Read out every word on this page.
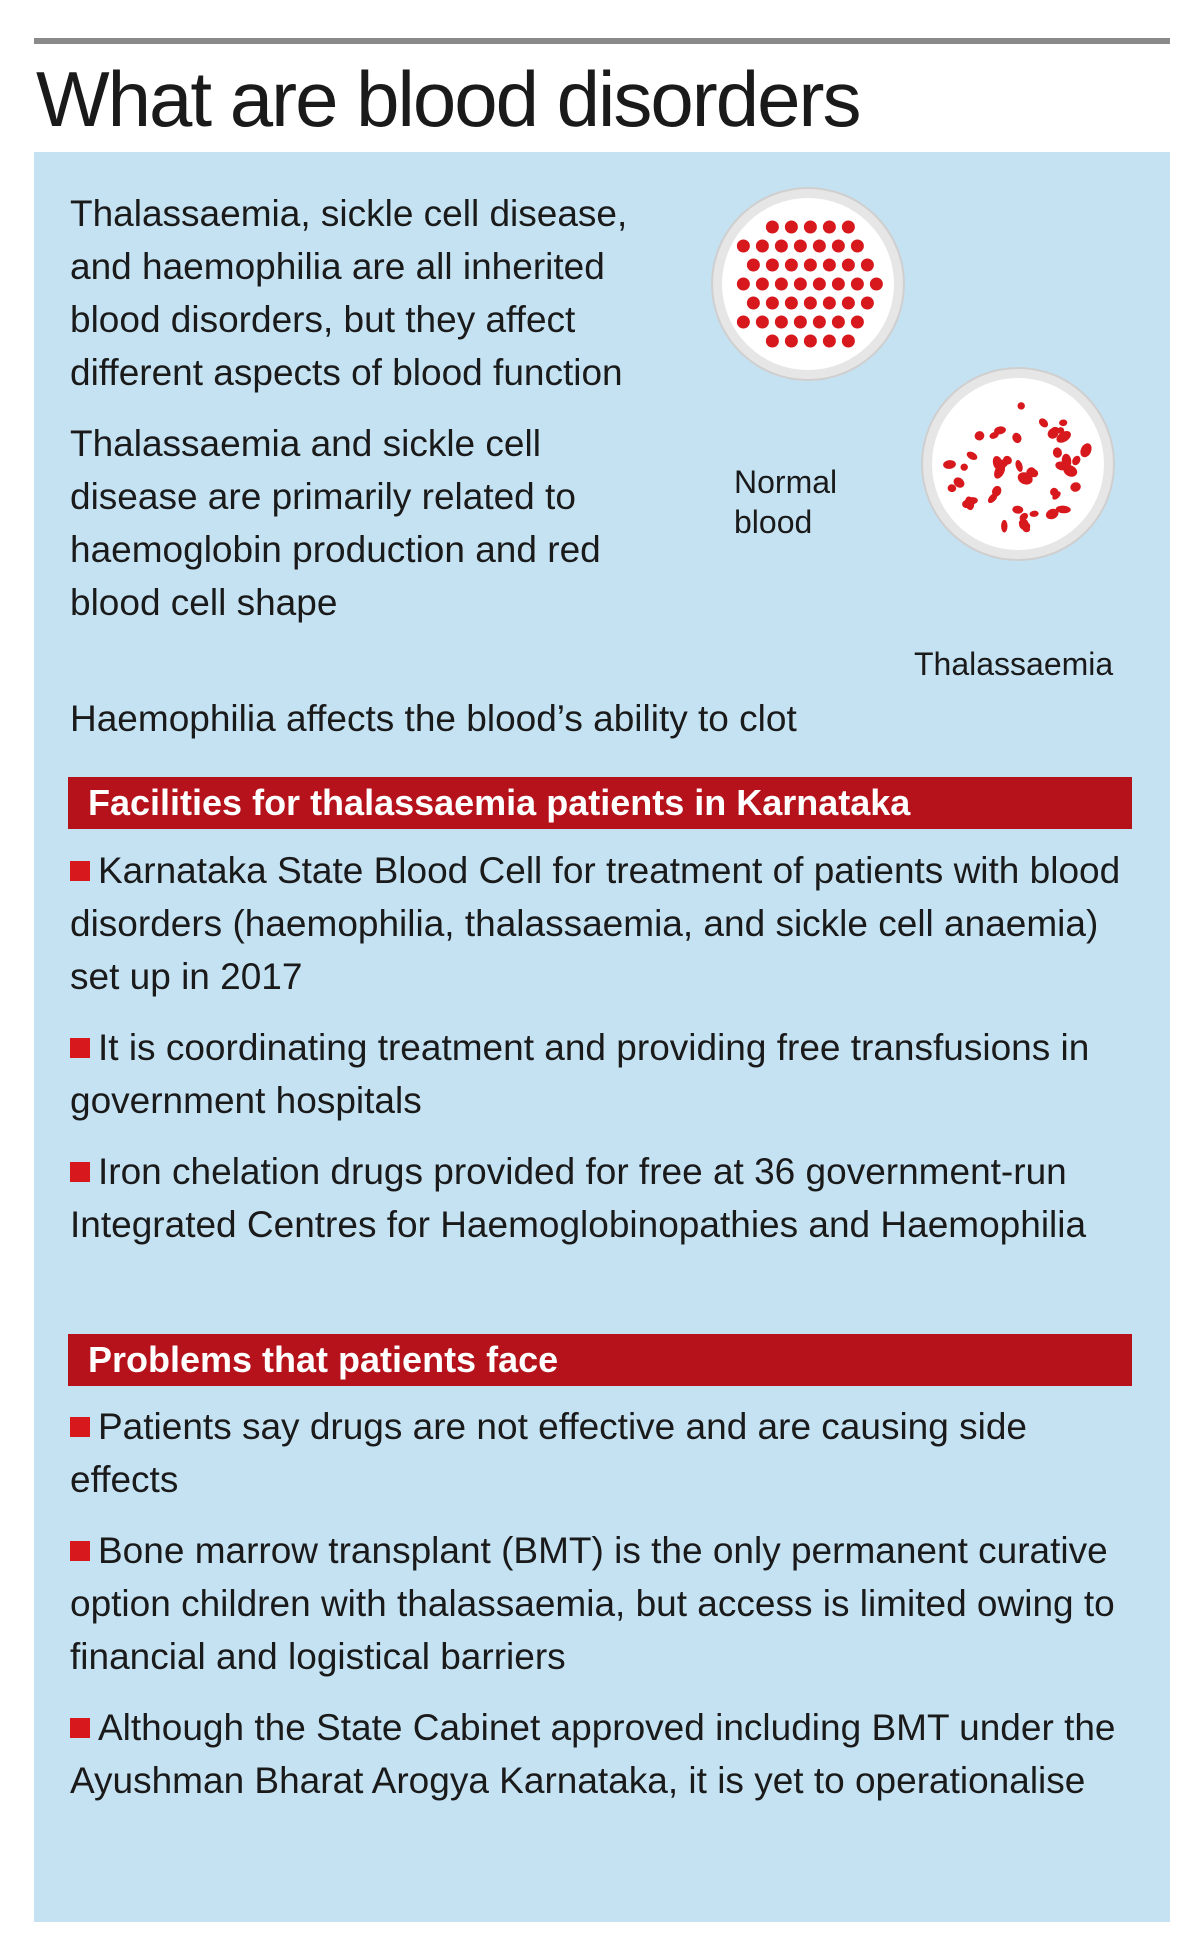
What are blood disorders

Thalassaemia, sickle cell disease, and haemophilia are all inherited blood disorders, but they affect different aspects of blood function

Thalassaemia and sickle cell disease are primarily related to haemoglobin production and red blood cell shape

Normal blood
Thalassaemia

Haemophilia affects the blood’s ability to clot

Facilities for thalassaemia patients in Karnataka
Karnataka State Blood Cell for treatment of patients with blood disorders (haemophilia, thalassaemia, and sickle cell anaemia) set up in 2017
It is coordinating treatment and providing free transfusions in government hospitals
Iron chelation drugs provided for free at 36 government-run Integrated Centres for Haemoglobinopathies and Haemophilia
Problems that patients face
Patients say drugs are not effective and are causing side effects
Bone marrow transplant (BMT) is the only permanent curative option children with thalassaemia, but access is limited owing to financial and logistical barriers
Although the State Cabinet approved including BMT under the Ayushman Bharat Arogya Karnataka, it is yet to operationalise
